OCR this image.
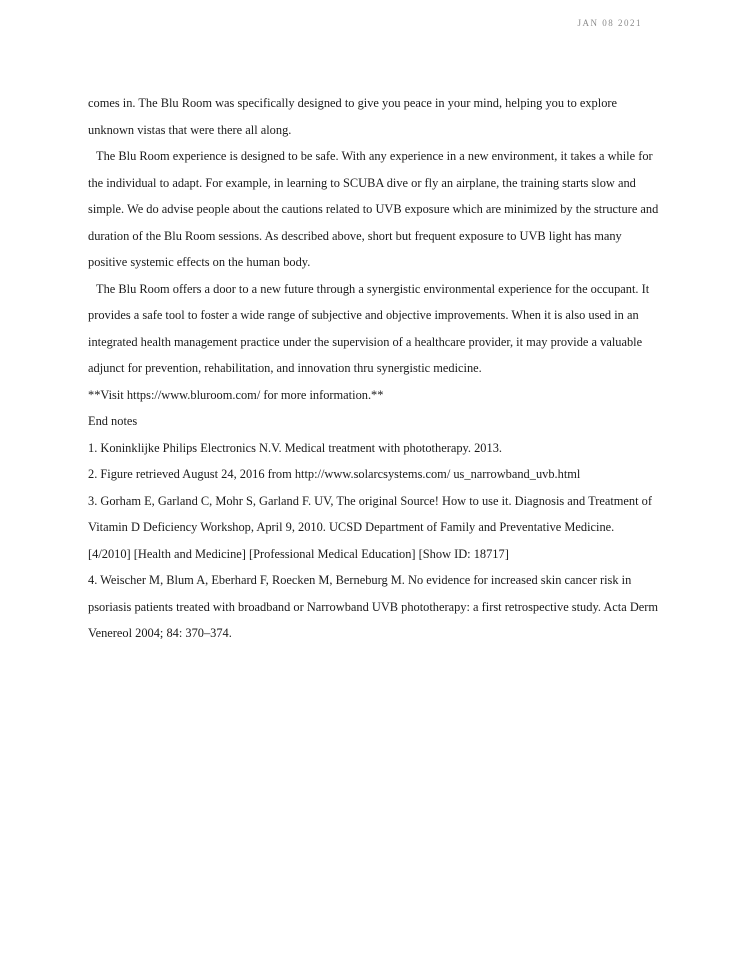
JAN 08 2021

comes in. The Blu Room was specifically designed to give you peace in your mind, helping you to explore unknown vistas that were there all along.

The Blu Room experience is designed to be safe. With any experience in a new environment, it takes a while for the individual to adapt. For example, in learning to SCUBA dive or fly an airplane, the training starts slow and simple. We do advise people about the cautions related to UVB exposure which are minimized by the structure and duration of the Blu Room sessions. As described above, short but frequent exposure to UVB light has many positive systemic effects on the human body.

The Blu Room offers a door to a new future through a synergistic environmental experience for the occupant. It provides a safe tool to foster a wide range of subjective and objective improvements. When it is also used in an integrated health management practice under the supervision of a healthcare provider, it may provide a valuable adjunct for prevention, rehabilitation, and innovation thru synergistic medicine.

**Visit https://www.bluroom.com/ for more information.**

End notes

1. Koninklijke Philips Electronics N.V. Medical treatment with phototherapy. 2013.

2. Figure retrieved August 24, 2016 from http://www.solarcsystems.com/ us_narrowband_uvb.html

3. Gorham E, Garland C, Mohr S, Garland F. UV, The original Source! How to use it. Diagnosis and Treatment of Vitamin D Deficiency Workshop, April 9, 2010. UCSD Department of Family and Preventative Medicine. [4/2010] [Health and Medicine] [Professional Medical Education] [Show ID: 18717]

4. Weischer M, Blum A, Eberhard F, Roecken M, Berneburg M. No evidence for increased skin cancer risk in psoriasis patients treated with broadband or Narrowband UVB phototherapy: a first retrospective study. Acta Derm Venereol 2004; 84: 370–374.
